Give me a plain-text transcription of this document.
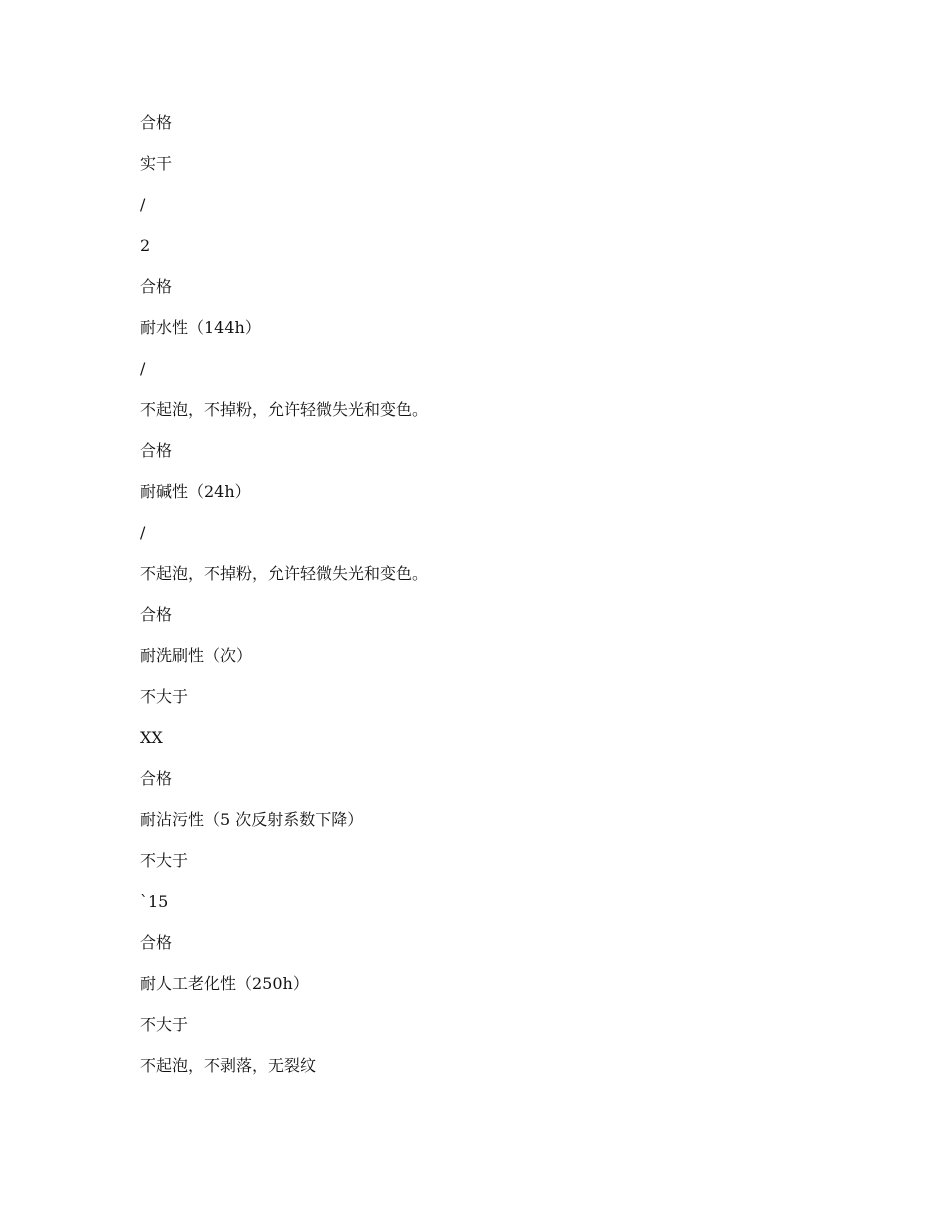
合格
实干
/
2
合格
耐水性（144h）
/
不起泡，不掉粉，允许轻微失光和变色。
合格
耐碱性（24h）
/
不起泡，不掉粉，允许轻微失光和变色。
合格
耐洗刷性（次）
不大于
XX
合格
耐沾污性（5 次反射系数下降）
不大于
`15
合格
耐人工老化性（250h）
不大于
不起泡，不剥落，无裂纹
